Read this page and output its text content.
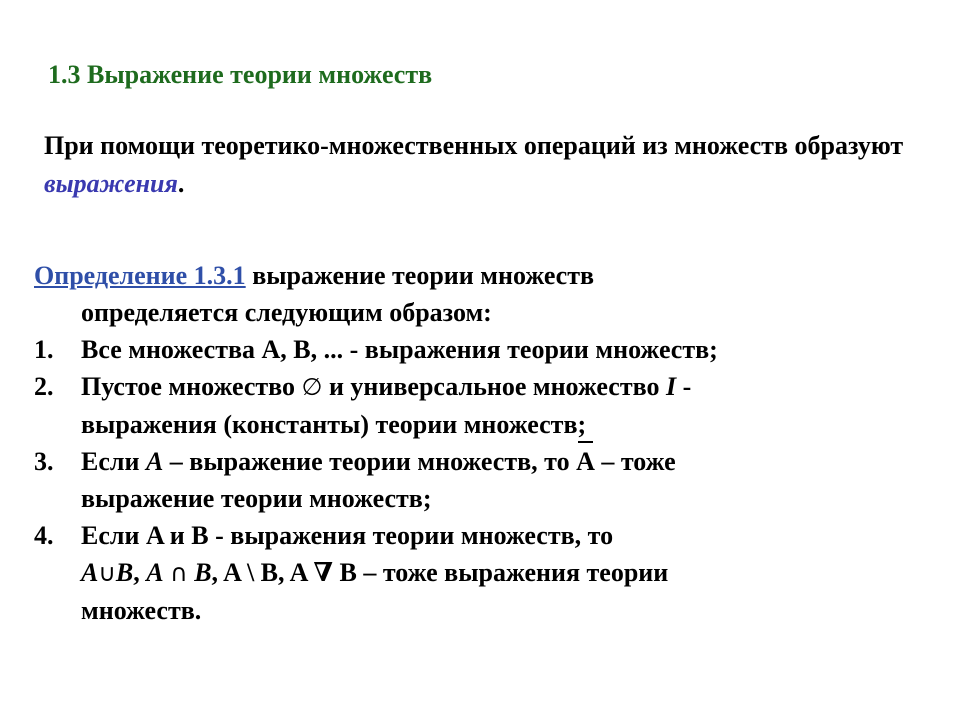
1.3 Выражение теории множеств
При помощи теоретико-множественных операций из множеств образуют выражения.
Определение 1.3.1 выражение теории множеств
определяется следующим образом:
1.	Все множества A, B, ... - выражения теории множеств;
2.	Пустое множество ∅ и универсальное множество I -
выражения (константы) теории множеств;
3.	Если A – выражение теории множеств, то A – тоже
выражение теории множеств;
4.	Если A и B - выражения теории множеств, то
A∪B, A ∩ B, A \ B, A ∇ B – тоже выражения теории
множеств.
